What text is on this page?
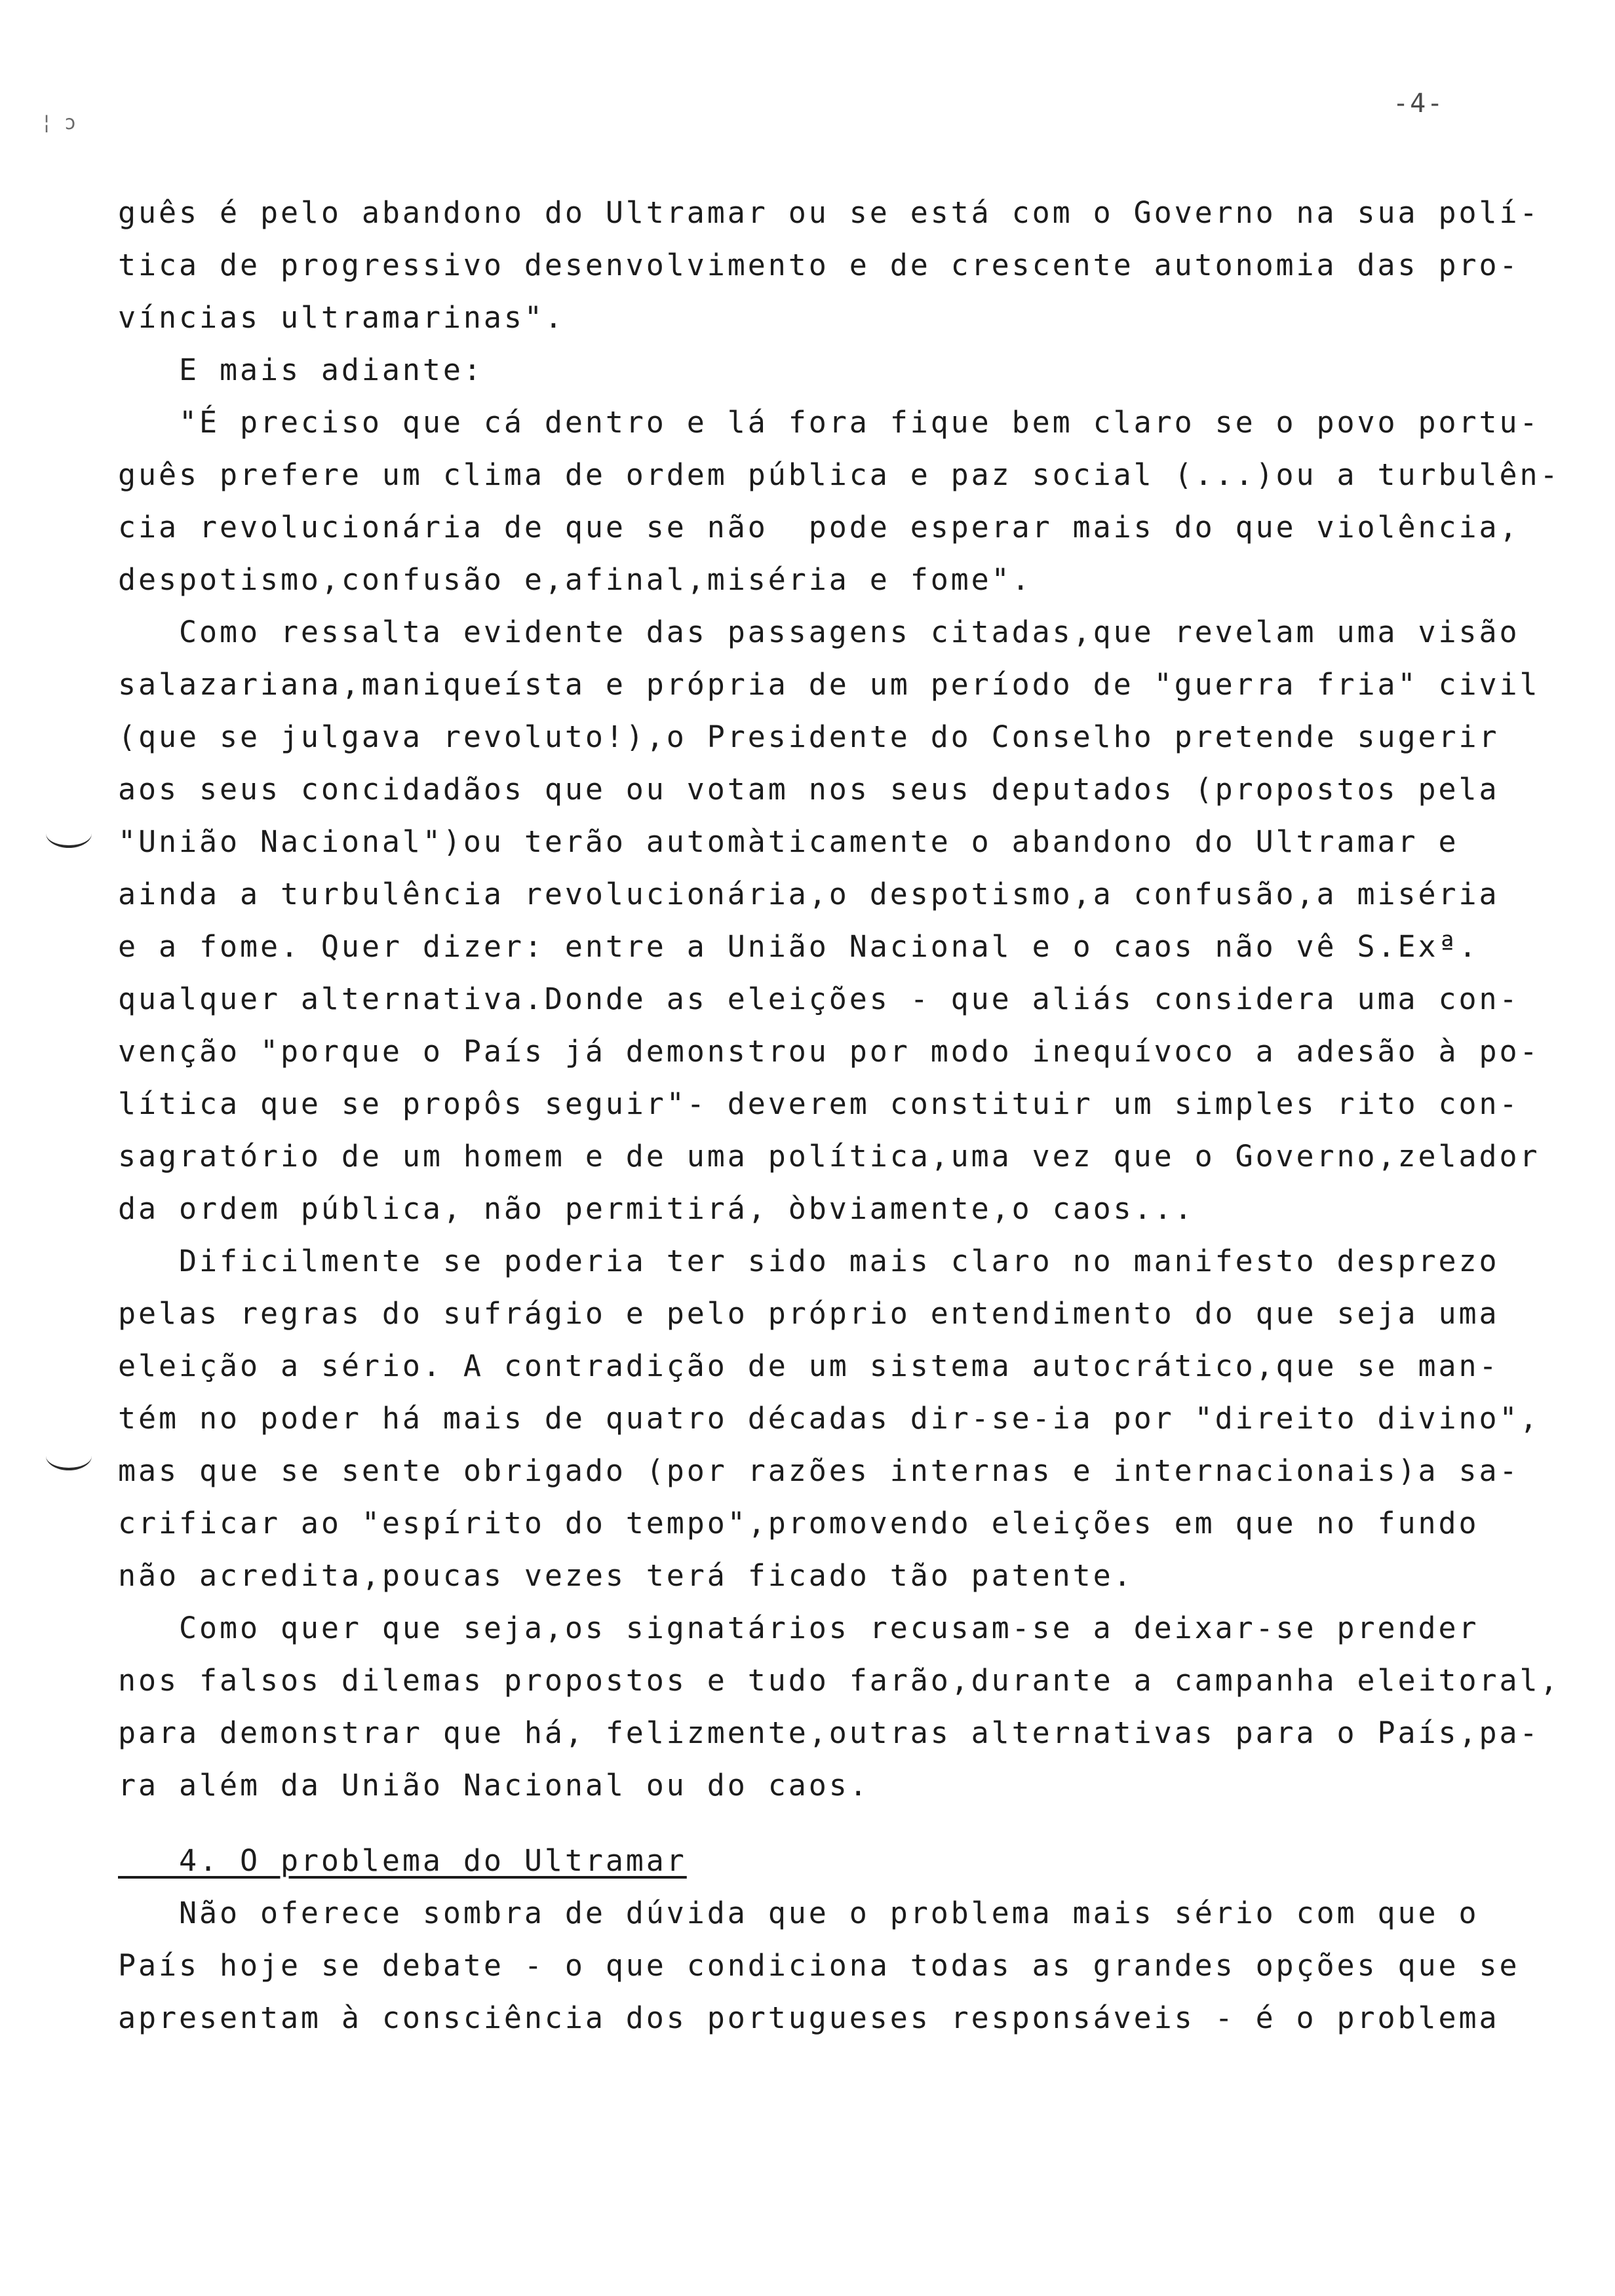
¦ ɔ
-4-
guês é pelo abandono do Ultramar ou se está com o Governo na sua polí-
tica de progressivo desenvolvimento e de crescente autonomia das pro-
víncias ultramarinas".
E mais adiante:
"É preciso que cá dentro e lá fora fique bem claro se o povo portu-
guês prefere um clima de ordem pública e paz social (...)ou a turbulên-
cia revolucionária de que se não  pode esperar mais do que violência,
despotismo,confusão e,afinal,miséria e fome".
Como ressalta evidente das passagens citadas,que revelam uma visão
salazariana,maniqueísta e própria de um período de "guerra fria" civil
(que se julgava revoluto!),o Presidente do Conselho pretende sugerir
aos seus concidadãos que ou votam nos seus deputados (propostos pela
"União Nacional")ou terão automàticamente o abandono do Ultramar e
ainda a turbulência revolucionária,o despotismo,a confusão,a miséria
e a fome. Quer dizer: entre a União Nacional e o caos não vê S.Exª.
qualquer alternativa.Donde as eleições - que aliás considera uma con-
venção "porque o País já demonstrou por modo inequívoco a adesão à po-
lítica que se propôs seguir"- deverem constituir um simples rito con-
sagratório de um homem e de uma política,uma vez que o Governo,zelador
da ordem pública, não permitirá, òbviamente,o caos...
Dificilmente se poderia ter sido mais claro no manifesto desprezo
pelas regras do sufrágio e pelo próprio entendimento do que seja uma
eleição a sério. A contradição de um sistema autocrático,que se man-
tém no poder há mais de quatro décadas dir-se-ia por "direito divino",
mas que se sente obrigado (por razões internas e internacionais)a sa-
crificar ao "espírito do tempo",promovendo eleições em que no fundo
não acredita,poucas vezes terá ficado tão patente.
Como quer que seja,os signatários recusam-se a deixar-se prender
nos falsos dilemas propostos e tudo farão,durante a campanha eleitoral,
para demonstrar que há, felizmente,outras alternativas para o País,pa-
ra além da União Nacional ou do caos.
4. O problema do Ultramar
Não oferece sombra de dúvida que o problema mais sério com que o
País hoje se debate - o que condiciona todas as grandes opções que se
apresentam à consciência dos portugueses responsáveis - é o problema
